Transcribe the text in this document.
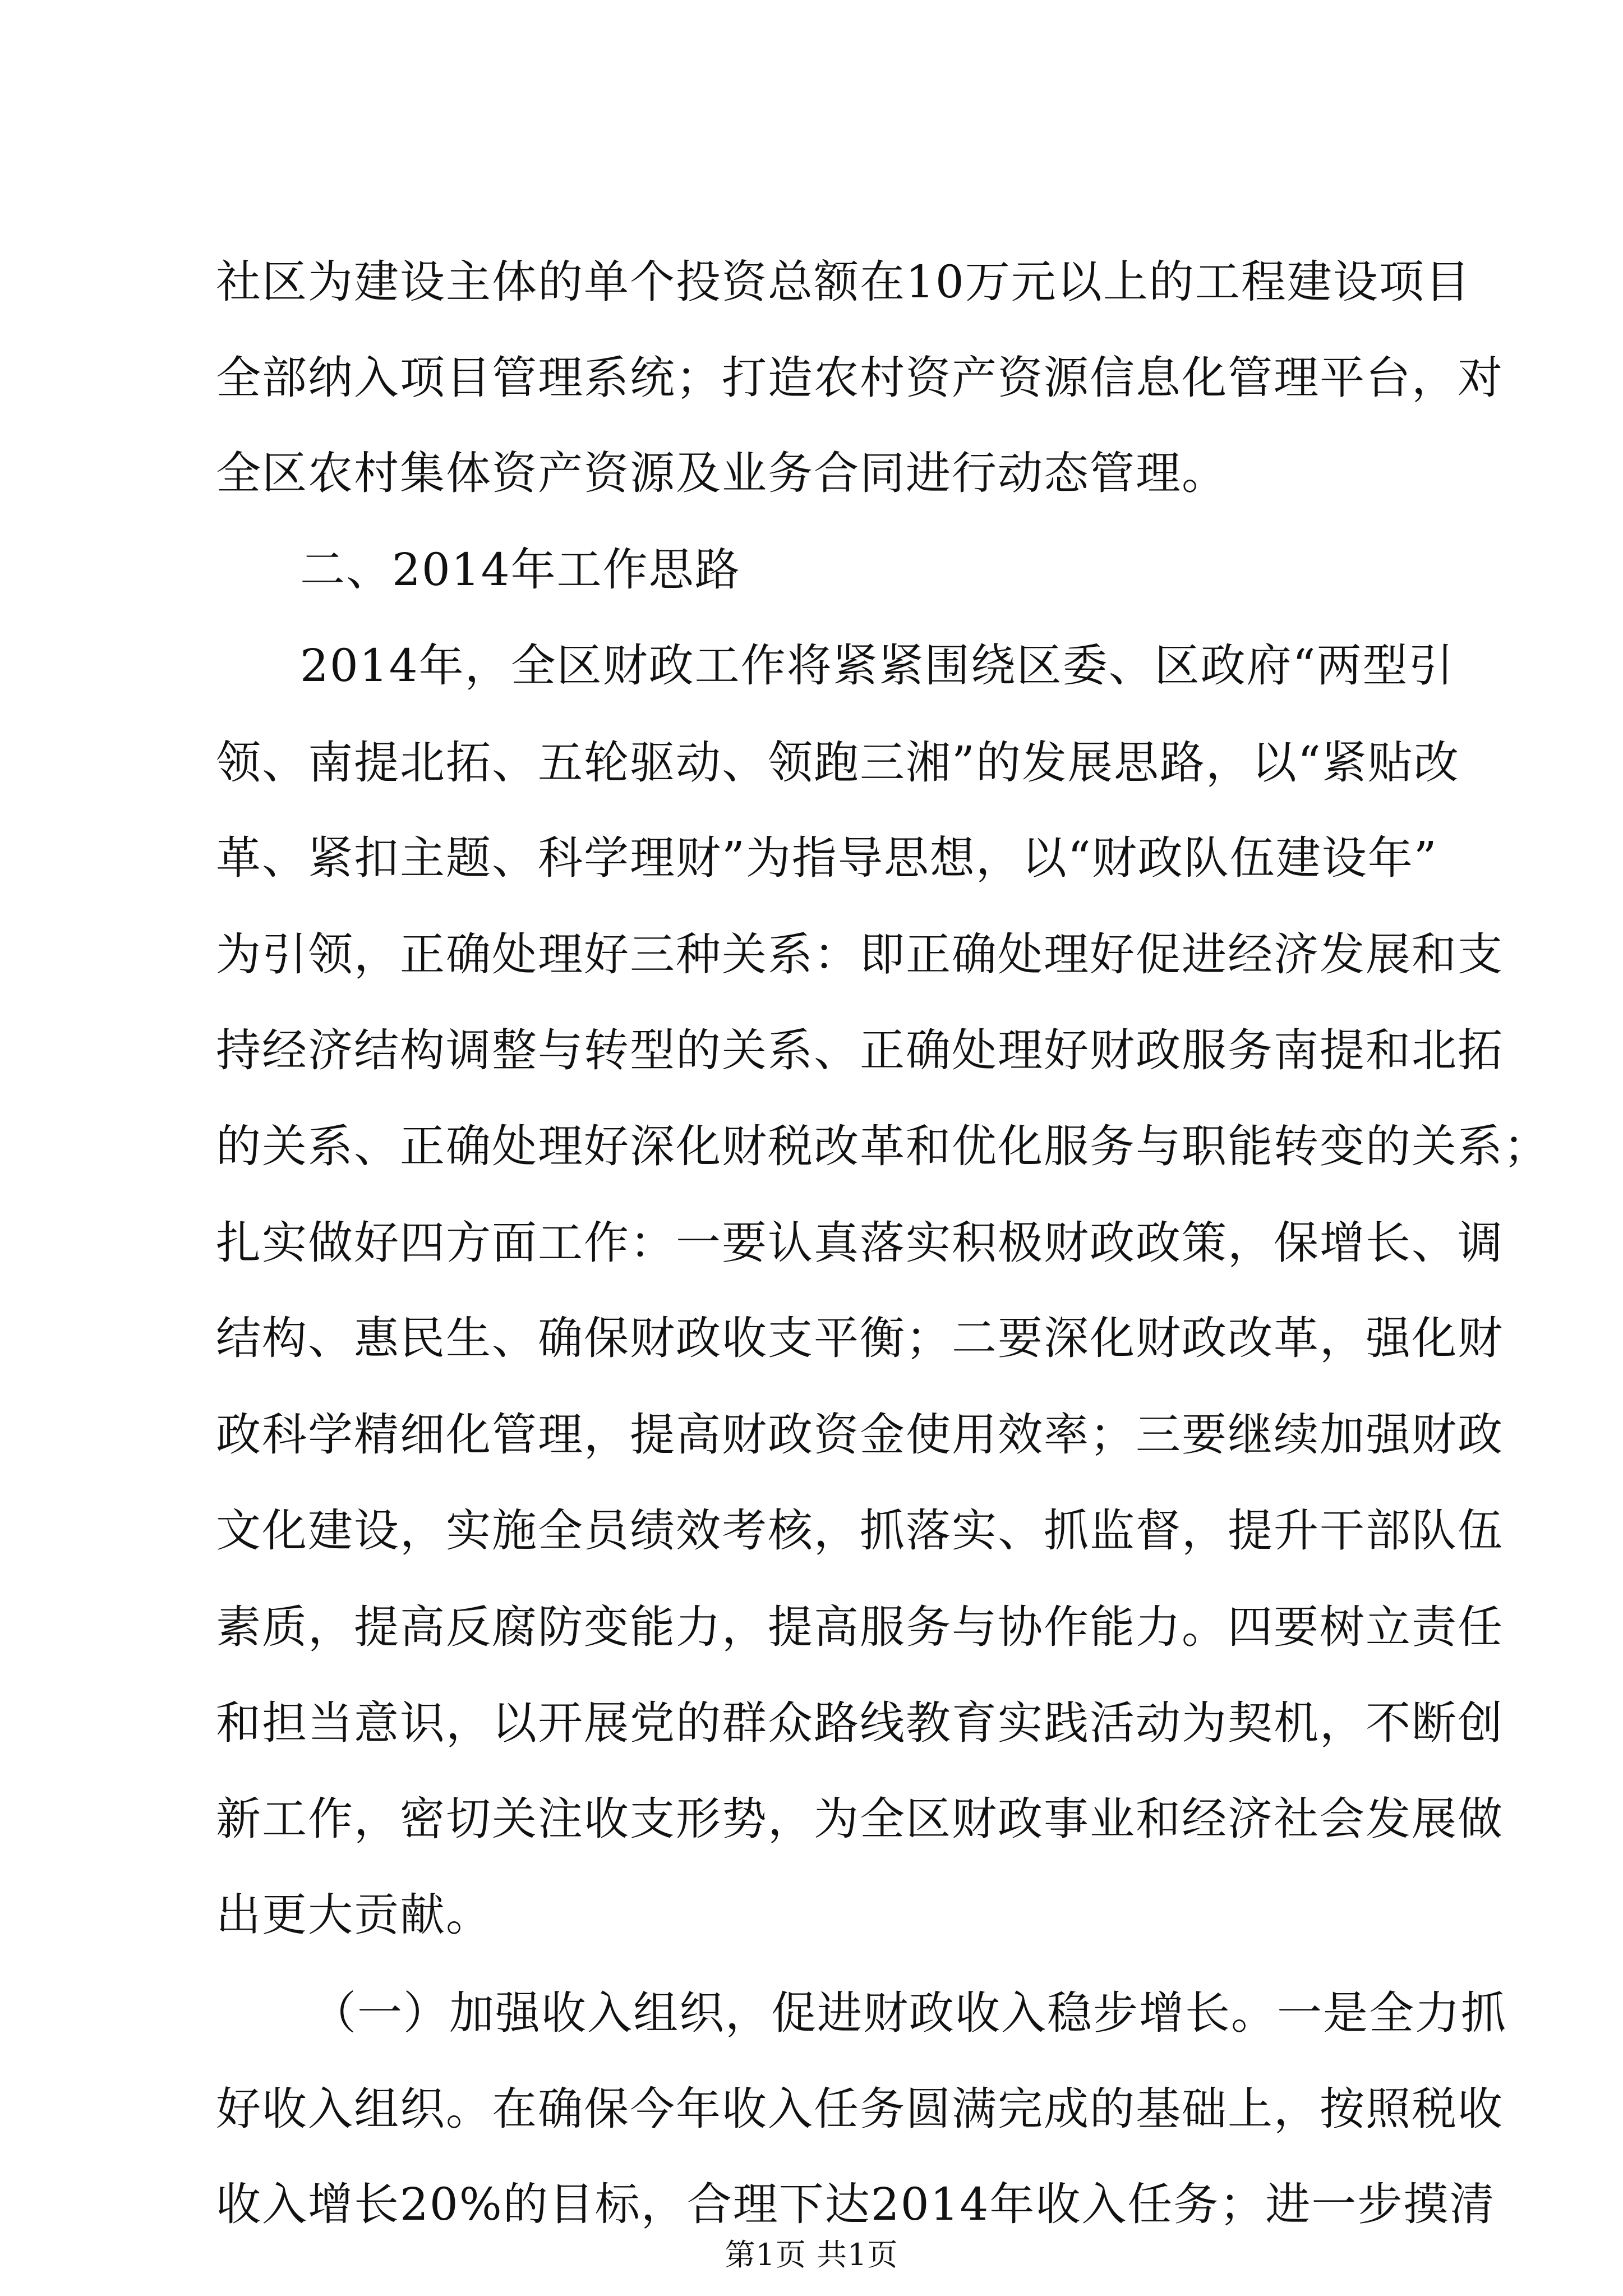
社区为建设主体的单个投资总额在10万元以上的工程建设项目
全部纳入项目管理系统；打造农村资产资源信息化管理平台，对
全区农村集体资产资源及业务合同进行动态管理。
二、2014年工作思路
2014年，全区财政工作将紧紧围绕区委、区政府“两型引
领、南提北拓、五轮驱动、领跑三湘”的发展思路，以“紧贴改
革、紧扣主题、科学理财”为指导思想，以“财政队伍建设年”
为引领，正确处理好三种关系：即正确处理好促进经济发展和支
持经济结构调整与转型的关系、正确处理好财政服务南提和北拓
的关系、正确处理好深化财税改革和优化服务与职能转变的关系；
扎实做好四方面工作：一要认真落实积极财政政策，保增长、调
结构、惠民生、确保财政收支平衡；二要深化财政改革，强化财
政科学精细化管理，提高财政资金使用效率；三要继续加强财政
文化建设，实施全员绩效考核，抓落实、抓监督，提升干部队伍
素质，提高反腐防变能力，提高服务与协作能力。四要树立责任
和担当意识，以开展党的群众路线教育实践活动为契机，不断创
新工作，密切关注收支形势，为全区财政事业和经济社会发展做
出更大贡献。
（一）加强收入组织，促进财政收入稳步增长。一是全力抓
好收入组织。在确保今年收入任务圆满完成的基础上，按照税收
收入增长20%的目标，合理下达2014年收入任务；进一步摸清
第1页 共1页
